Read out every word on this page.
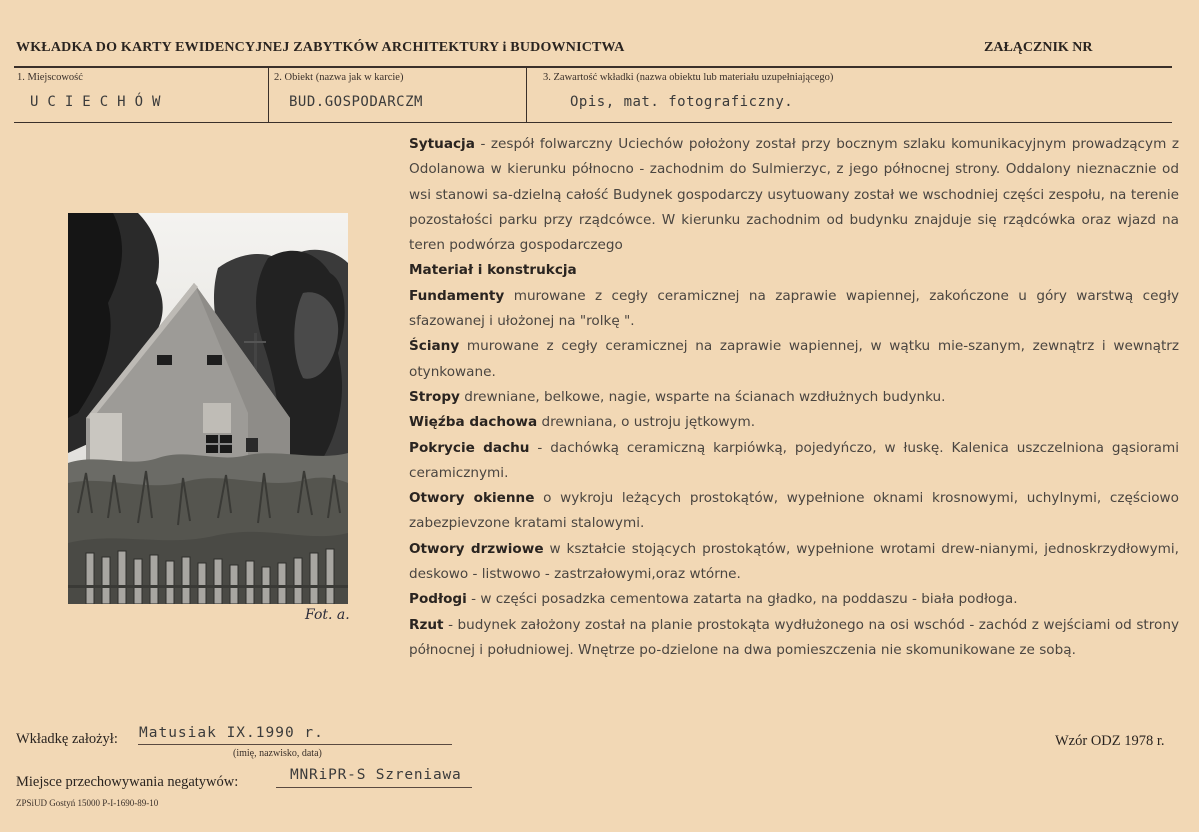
WKŁADKA DO KARTY EWIDENCYJNEJ ZABYTKÓW ARCHITEKTURY i BUDOWNICTWA	ZAŁĄCZNIK NR
1. Miejscowość
UCIECHÓW
2. Obiekt (nazwa jak w karcie)
BUD.GOSPODARCZM
3. Zawartość wkładki (nazwa obiektu lub materiału uzupełniającego)
Opis, mat. fotograficzny.
Fot. a.

Sytuacja - zespół folwarczny Uciechów położony został przy bocznym szlaku komunikacyjnym prowadzącym z Odolanowa w kierunku północno - zachodnim do Sulmierzyc, z jego północnej strony. Oddalony nieznacznie od wsi stanowi sa-dzielną całość Budynek gospodarczy usytuowany został we wschodniej części zespołu, na terenie pozostałości parku przy rządcówce. W kierunku zachodnim od budynku znajduje się rządcówka oraz wjazd na teren podwórza gospodarczego

Materiał i konstrukcja

Fundamenty murowane z cegły ceramicznej na zaprawie wapiennej, zakończone u góry warstwą cegły sfazowanej i ułożonej na "rolkę ".

Ściany murowane z cegły ceramicznej na zaprawie wapiennej, w wątku mie-szanym, zewnątrz i wewnątrz otynkowane.

Stropy drewniane, belkowe, nagie, wsparte na ścianach wzdłużnych budynku.

Więźba dachowa drewniana, o ustroju jętkowym.

Pokrycie dachu - dachówką ceramiczną karpiówką, pojedyńczo, w łuskę. Kalenica uszczelniona gąsiorami ceramicznymi.

Otwory okienne o wykroju leżących prostokątów, wypełnione oknami krosnowymi, uchylnymi, częściowo zabezpievzone kratami stalowymi.

Otwory drzwiowe w kształcie stojących prostokątów, wypełnione wrotami drew-nianymi, jednoskrzydłowymi, deskowo - listwowo - zastrzałowymi,oraz wtórne.

Podłogi - w części posadzka cementowa zatarta na gładko, na poddaszu - biała podłoga.

Rzut - budynek założony został na planie prostokąta wydłużonego na osi wschód - zachód z wejściami od strony północnej i południowej. Wnętrze po-dzielone na dwa pomieszczenia nie skomunikowane ze sobą.

Wkładkę założył: Matusiak IX.1990 r.
(imię, nazwisko, data)
Wzór ODZ 1978 r.
Miejsce przechowywania negatywów:	MNRiPR-S Szreniawa
ZPSiUD Gostyń 15000 P-I-1690-89-10
